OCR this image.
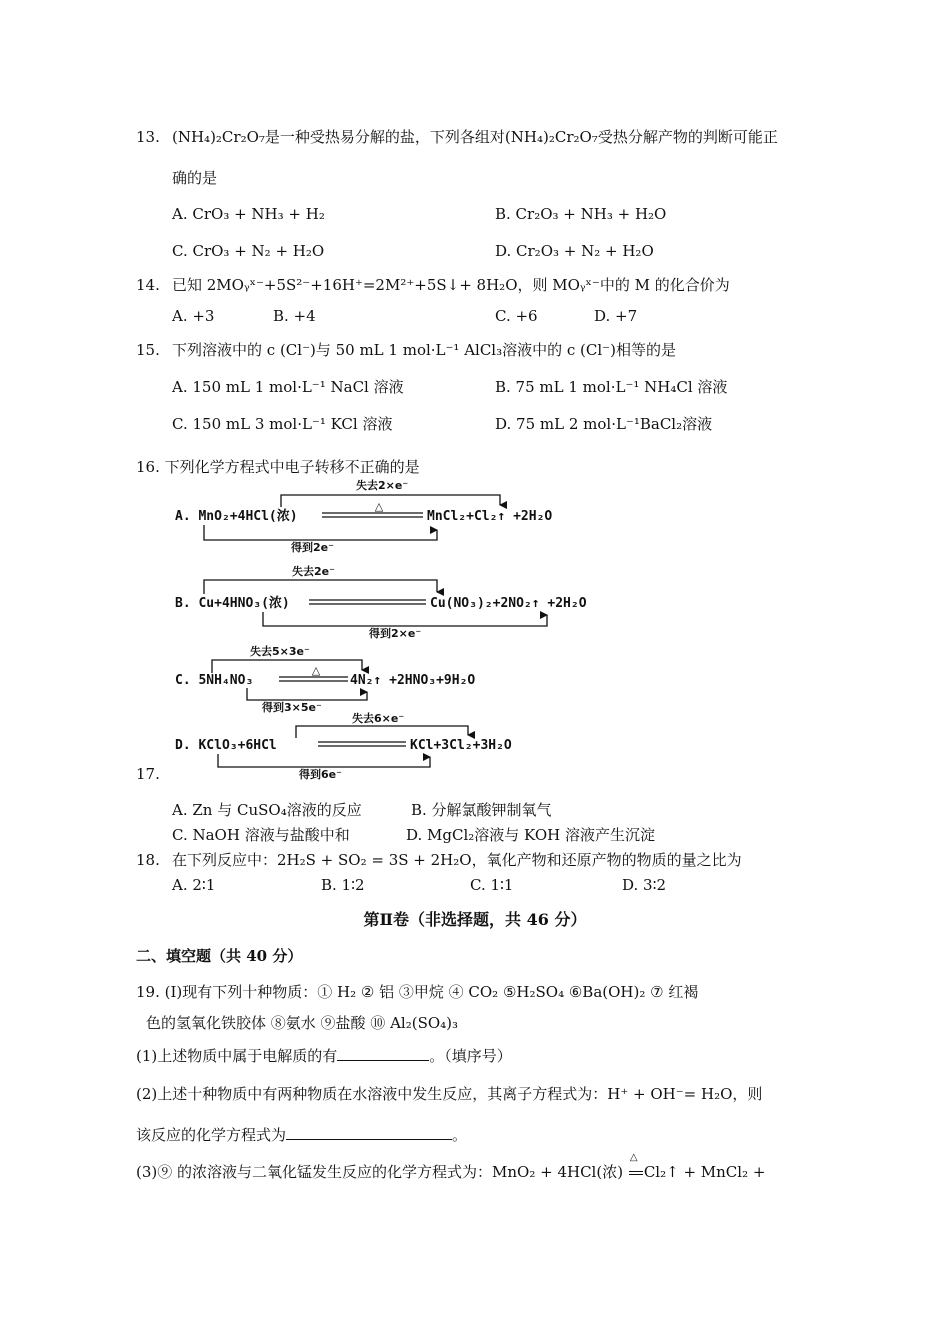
13. (NH₄)₂Cr₂O₇是一种受热易分解的盐，下列各组对(NH₄)₂Cr₂O₇受热分解产物的判断可能正
确的是
A. CrO₃ + NH₃ + H₂	B. Cr₂O₃ + NH₃ + H₂O
C. CrO₃ + N₂ + H₂O	D. Cr₂O₃ + N₂ + H₂O
14. 已知 2MOᵧˣ⁻+5S²⁻+16H⁺=2M²⁺+5S↓+ 8H₂O，则 MOᵧˣ⁻中的 M 的化合价为
A. +3	B. +4	C. +6	D. +7
15. 下列溶液中的 c (Cl⁻)与 50 mL 1 mol·L⁻¹ AlCl₃溶液中的 c (Cl⁻)相等的是
A. 150 mL 1 mol·L⁻¹ NaCl 溶液	B. 75 mL 1 mol·L⁻¹ NH₄Cl 溶液
C. 150 mL 3 mol·L⁻¹ KCl 溶液	D. 75 mL 2 mol·L⁻¹BaCl₂溶液
16. 下列化学方程式中电子转移不正确的是
A. MnO₂+4HCl(浓)
△
MnCl₂+Cl₂↑ +2H₂O
失去2×e⁻
得到2e⁻
B. Cu+4HNO₃(浓)	Cu(NO₃)₂+2NO₂↑ +2H₂O
失去2e⁻
得到2×e⁻
C. 5NH₄NO₃
△
4N₂↑ +2HNO₃+9H₂O
失去5×3e⁻
得到3×5e⁻
D. KClO₃+6HCl	KCl+3Cl₂+3H₂O
失去6×e⁻
得到6e⁻
17.
A. Zn 与 CuSO₄溶液的反应	B. 分解氯酸钾制氧气
C. NaOH 溶液与盐酸中和	D. MgCl₂溶液与 KOH 溶液产生沉淀
18. 在下列反应中：2H₂S + SO₂ = 3S + 2H₂O，氧化产物和还原产物的物质的量之比为
A. 2∶1	B. 1∶2	C. 1∶1	D. 3∶2
第Ⅱ卷（非选择题，共 46 分）
二、填空题（共 40 分）
19. (Ⅰ)现有下列十种物质：① H₂ ② 铝 ③甲烷 ④ CO₂ ⑤H₂SO₄ ⑥Ba(OH)₂ ⑦ 红褐
色的氢氧化铁胶体 ⑧氨水 ⑨盐酸 ⑩ Al₂(SO₄)₃
(1)上述物质中属于电解质的有	。（填序号）
(2)上述十种物质中有两种物质在水溶液中发生反应，其离子方程式为：H⁺ + OH⁻= H₂O，则
该反应的化学方程式为	。
(3)⑨ 的浓溶液与二氧化锰发生反应的化学方程式为：MnO₂ + 4HCl(浓)
△
Cl₂↑ + MnCl₂ +
